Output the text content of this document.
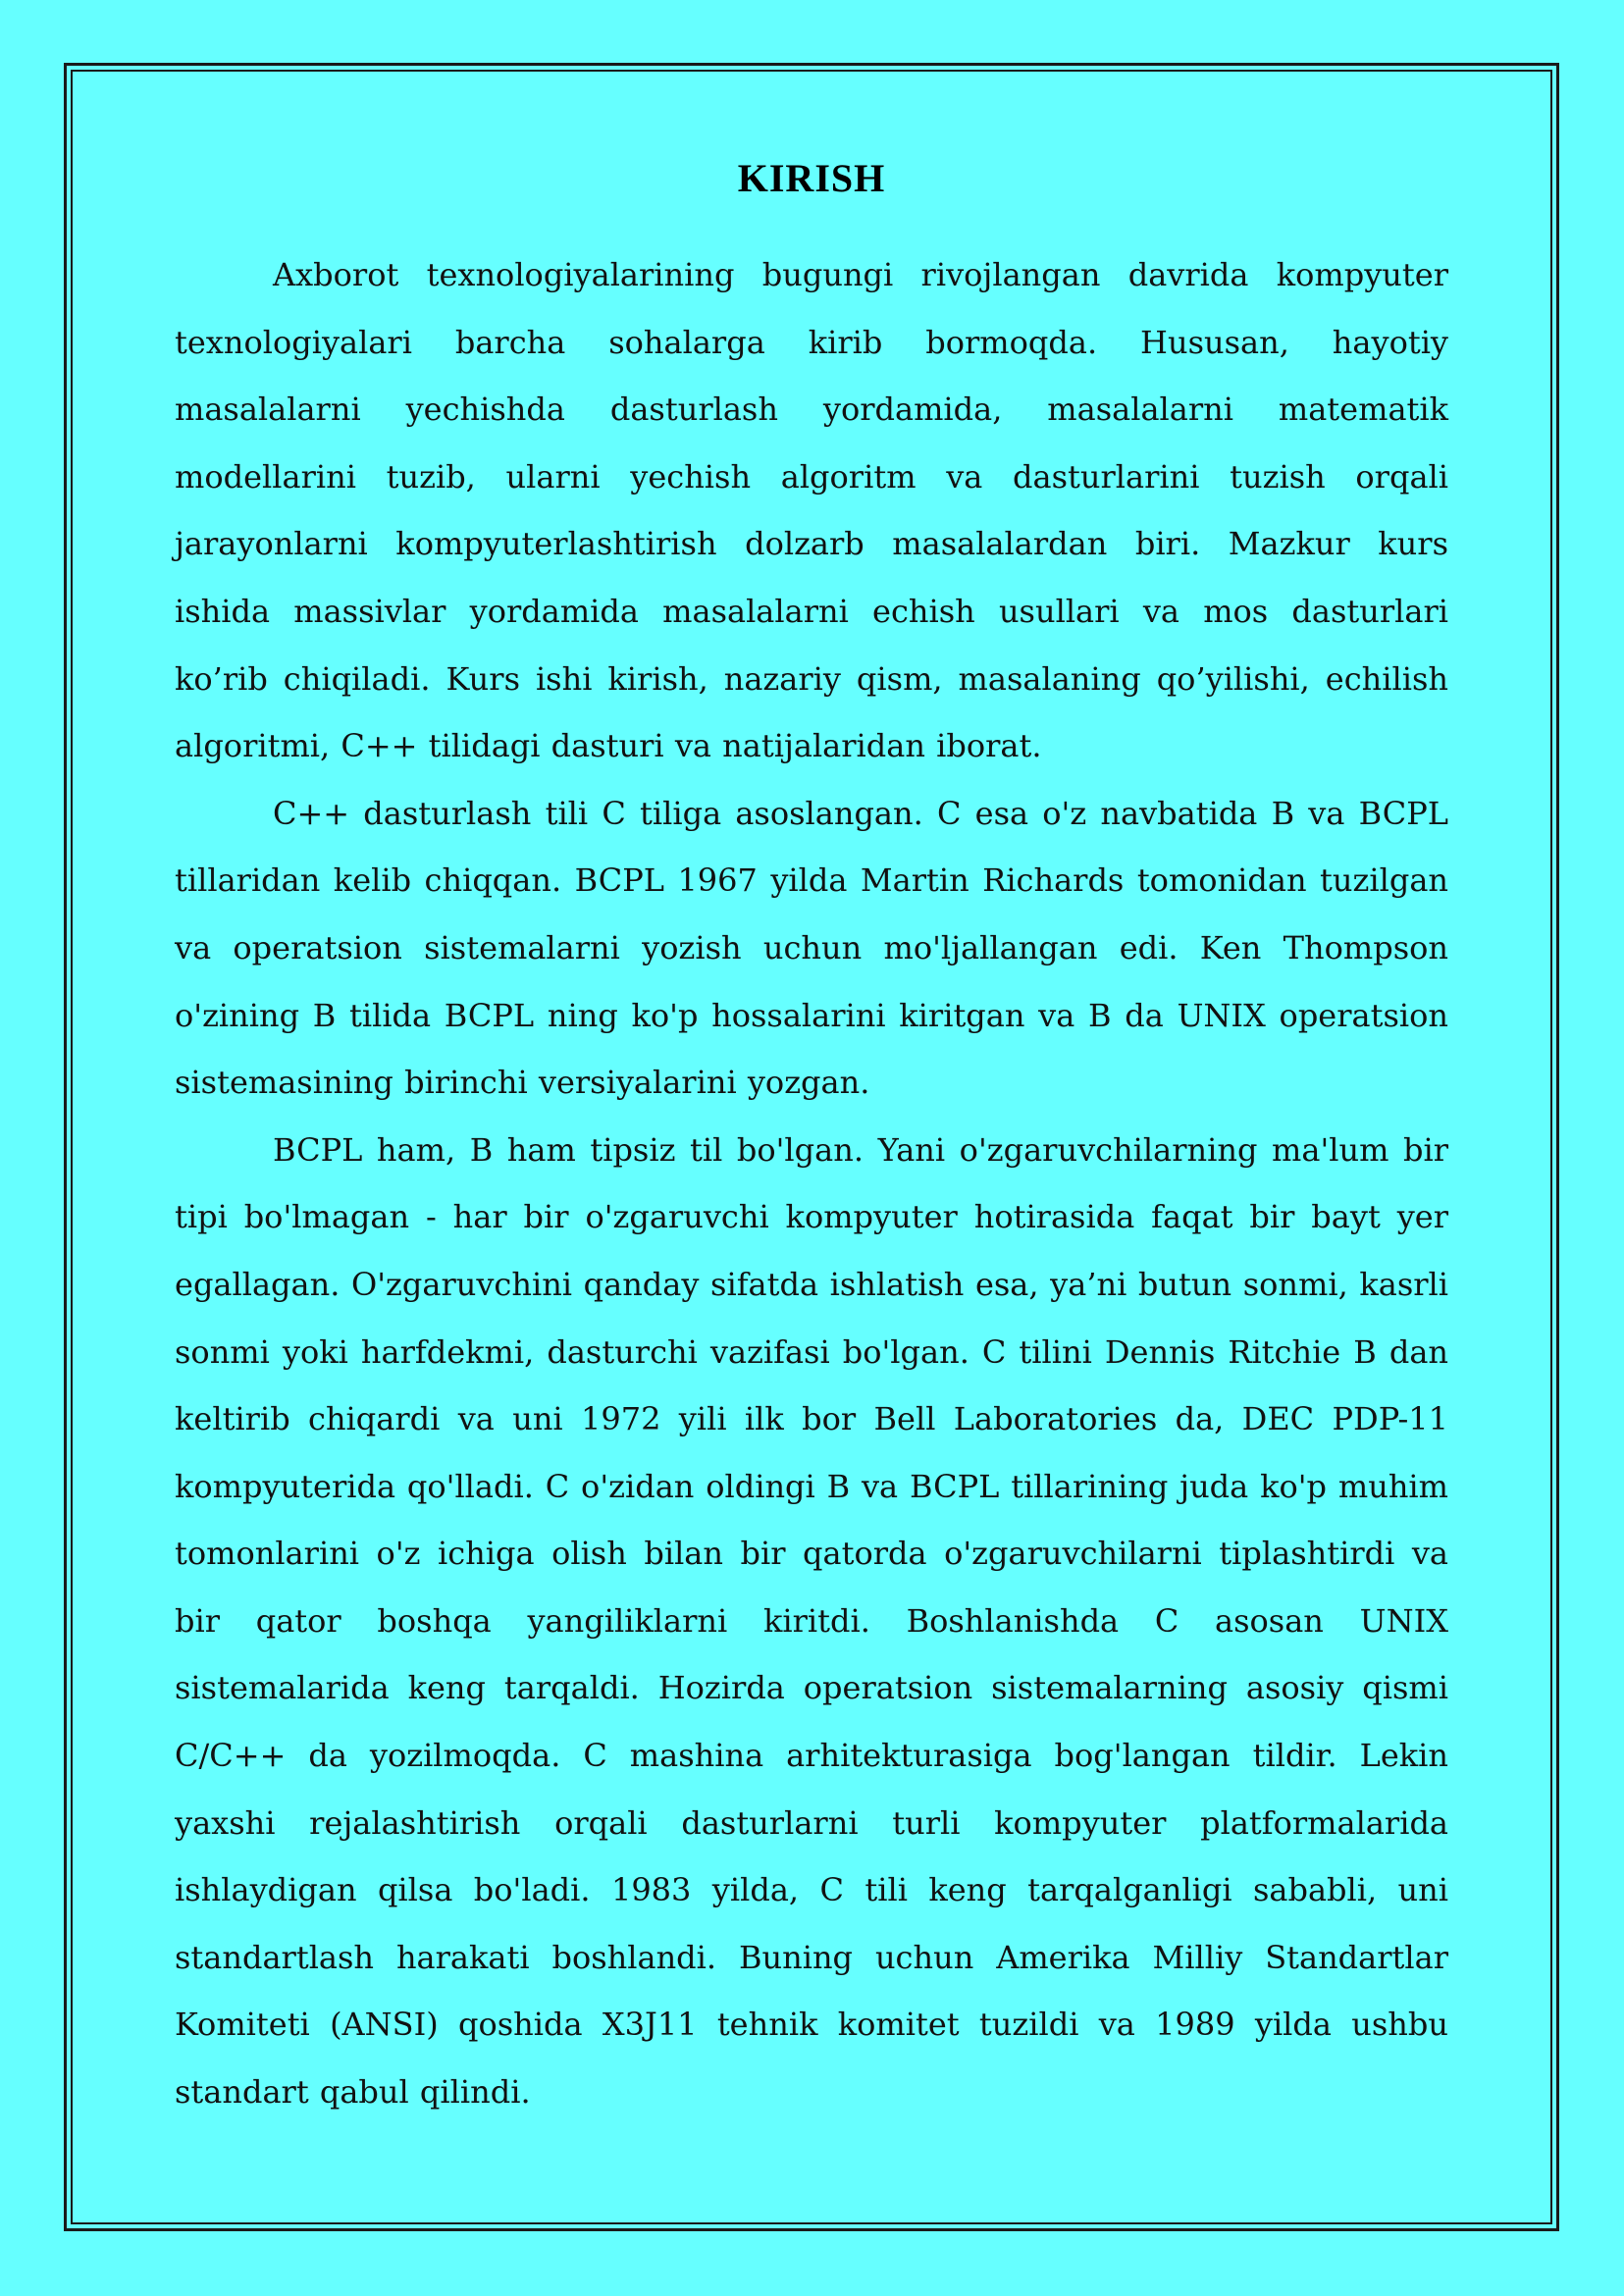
KIRISH

Axborot texnologiyalarining bugungi rivojlangan davrida kompyuter texnologiyalari barcha sohalarga kirib bormoqda. Hususan, hayotiy masalalarni yechishda dasturlash yordamida, masalalarni matematik modellarini tuzib, ularni yechish algoritm va dasturlarini tuzish orqali jarayonlarni kompyuterlashtirish dolzarb masalalardan biri. Mazkur kurs ishida massivlar yordamida masalalarni echish usullari va mos dasturlari ko’rib chiqiladi. Kurs ishi kirish, nazariy qism, masalaning qo’yilishi, echilish algoritmi, C++ tilidagi dasturi va natijalaridan iborat.

C++ dasturlash tili C tiliga asoslangan. C esa o'z navbatida B va BCPL tillaridan kelib chiqqan. BCPL 1967 yilda Martin Richards tomonidan tuzilgan va operatsion sistemalarni yozish uchun mo'ljallangan edi. Ken Thompson o'zining B tilida BCPL ning ko'p hossalarini kiritgan va B da UNIX operatsion sistemasining birinchi versiyalarini yozgan.

BCPL ham, B ham tipsiz til bo'lgan. Yani o'zgaruvchilarning ma'lum bir tipi bo'lmagan - har bir o'zgaruvchi kompyuter hotirasida faqat bir bayt yer egallagan. O'zgaruvchini qanday sifatda ishlatish esa, ya’ni butun sonmi, kasrli sonmi yoki harfdekmi, dasturchi vazifasi bo'lgan. C tilini Dennis Ritchie B dan keltirib chiqardi va uni 1972 yili ilk bor Bell Laboratories da, DEC PDP-11 kompyuterida qo'lladi. C o'zidan oldingi B va BCPL tillarining juda ko'p muhim tomonlarini o'z ichiga olish bilan bir qatorda o'zgaruvchilarni tiplashtirdi va bir qator boshqa yangiliklarni kiritdi. Boshlanishda C asosan UNIX sistemalarida keng tarqaldi. Hozirda operatsion sistemalarning asosiy qismi C/C++ da yozilmoqda. C mashina arhitekturasiga bog'langan tildir. Lekin yaxshi rejalashtirish orqali dasturlarni turli kompyuter platformalarida ishlaydigan qilsa bo'ladi. 1983 yilda, C tili keng tarqalganligi sababli, uni standartlash harakati boshlandi. Buning uchun Amerika Milliy Standartlar Komiteti (ANSI) qoshida X3J11 tehnik komitet tuzildi va 1989 yilda ushbu standart qabul qilindi.
